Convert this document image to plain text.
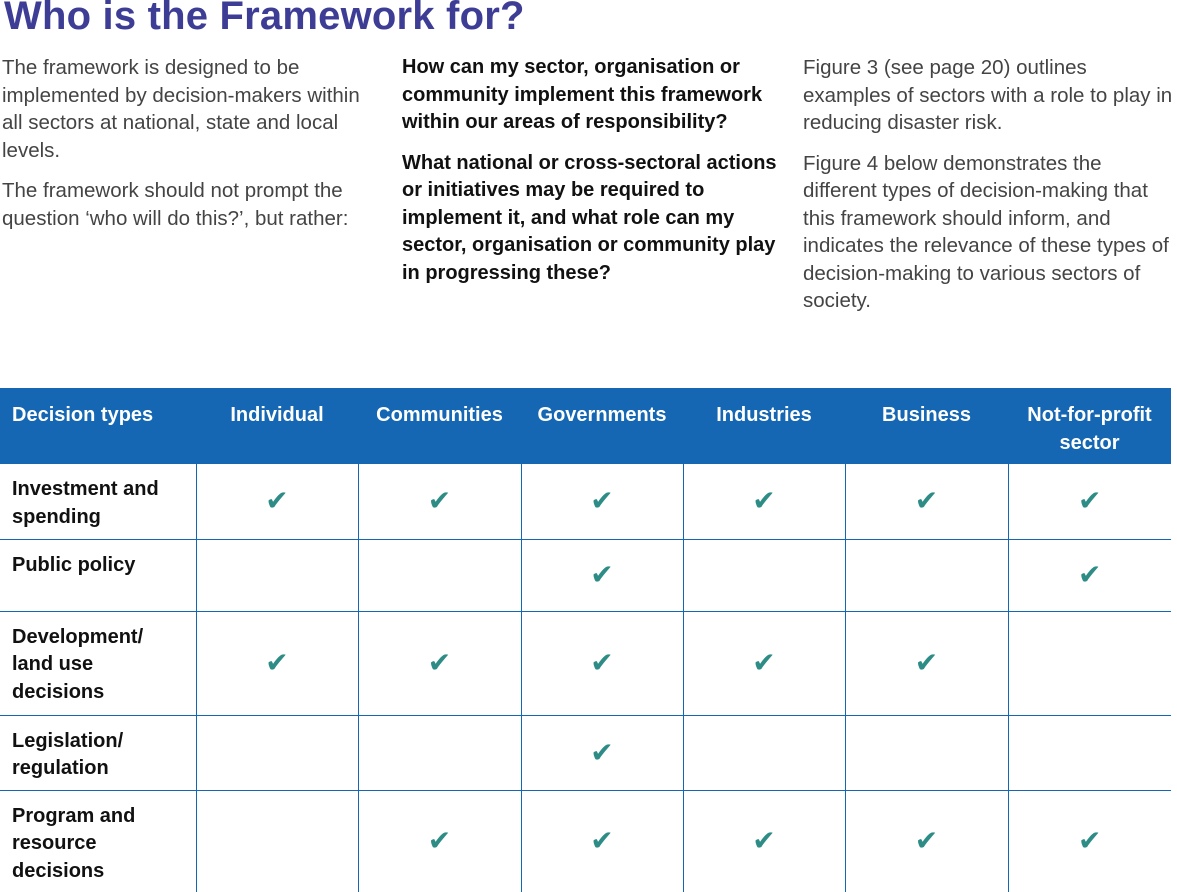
Who is the Framework for?

The framework is designed to be implemented by decision-makers within all sectors at national, state and local levels.

The framework should not prompt the question ‘who will do this?’, but rather:

How can my sector, organisation or community implement this framework within our areas of responsibility?

What national or cross-sectoral actions or initiatives may be required to implement it, and what role can my sector, organisation or community play in progressing these?

Figure 3 (see page 20) outlines examples of sectors with a role to play in reducing disaster risk.

Figure 4 below demonstrates the different types of decision-making that this framework should inform, and indicates the relevance of these types of decision-making to various sectors of society.

Decision types	Individual	Communities	Governments	Industries	Business	Not-for-profit sector
Investment and spending	✔	✔	✔	✔	✔	✔
Public policy			✔			✔
Development/ land use decisions	✔	✔	✔	✔	✔	
Legislation/ regulation			✔			
Program and resource decisions		✔	✔	✔	✔	✔
